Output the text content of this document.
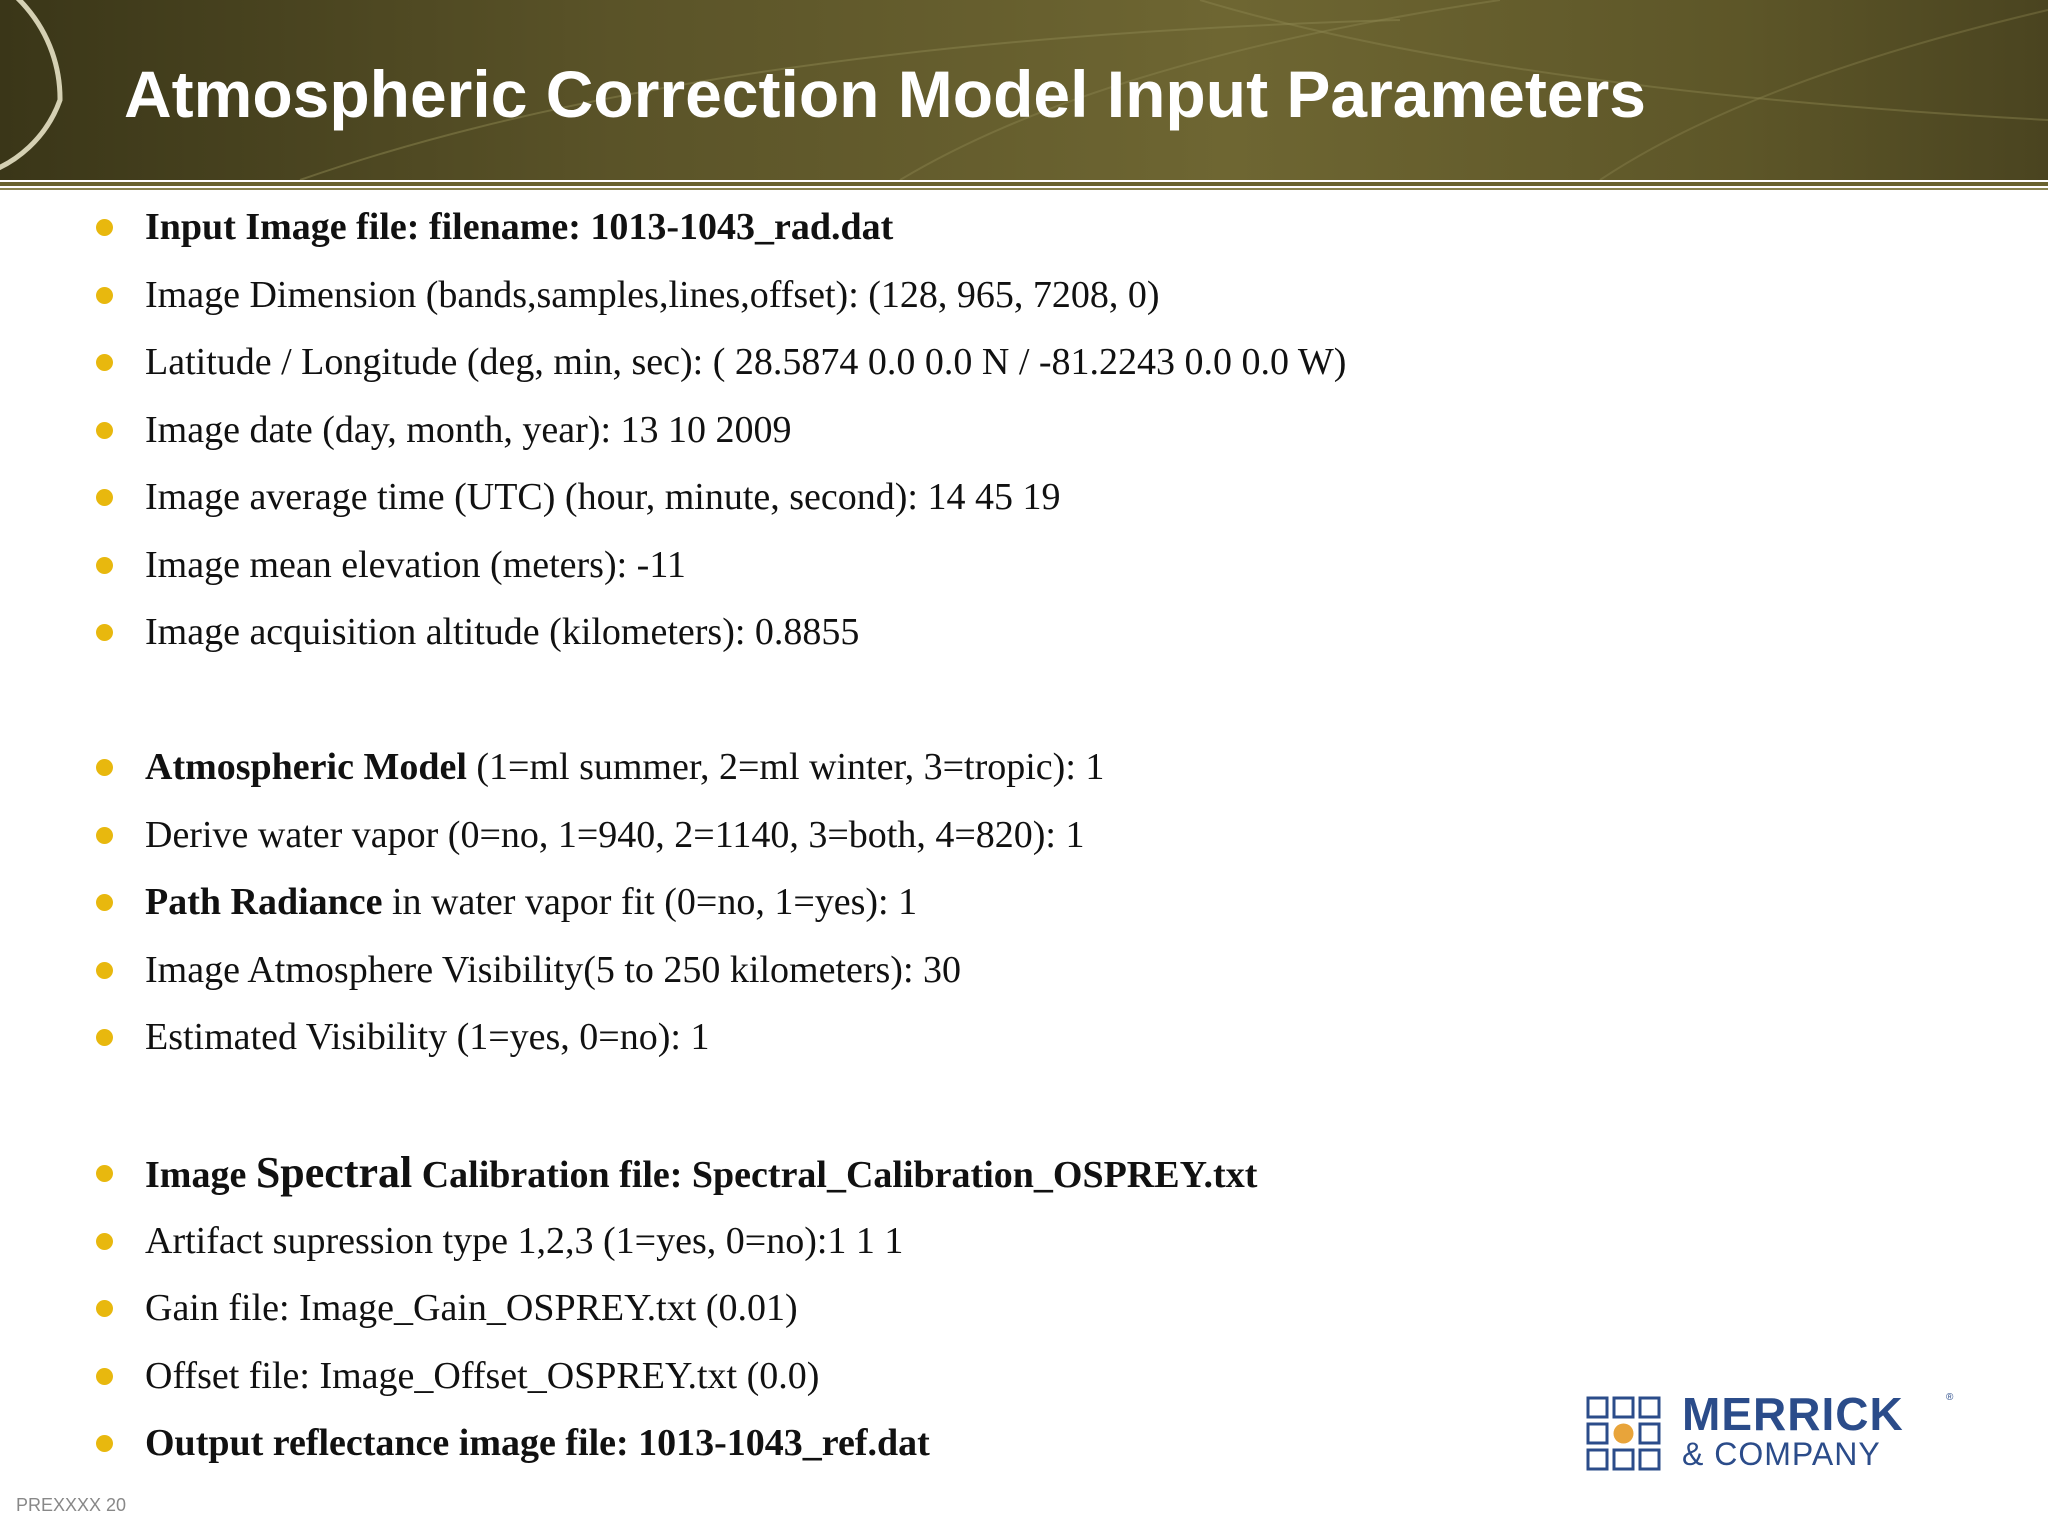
Atmospheric Correction Model Input Parameters
Input Image file: filename: 1013-1043_rad.dat
Image Dimension (bands,samples,lines,offset): (128, 965, 7208, 0)
Latitude / Longitude (deg, min, sec): ( 28.5874 0.0 0.0 N / -81.2243 0.0 0.0 W)
Image date (day, month, year): 13 10 2009
Image average time (UTC) (hour, minute, second): 14 45 19
Image mean elevation (meters): -11
Image acquisition altitude (kilometers): 0.8855
Atmospheric Model (1=ml summer, 2=ml winter, 3=tropic): 1
Derive water vapor (0=no, 1=940, 2=1140, 3=both, 4=820): 1
Path Radiance in water vapor fit (0=no, 1=yes): 1
Image Atmosphere Visibility(5 to 250 kilometers): 30
Estimated Visibility (1=yes, 0=no): 1
Image Spectral Calibration file: Spectral_Calibration_OSPREY.txt
Artifact supression type 1,2,3 (1=yes, 0=no):1 1 1
Gain file: Image_Gain_OSPREY.txt (0.01)
Offset file: Image_Offset_OSPREY.txt (0.0)
Output reflectance image file: 1013-1043_ref.dat

MERRICK	®

& COMPANY

PREXXXX 20
